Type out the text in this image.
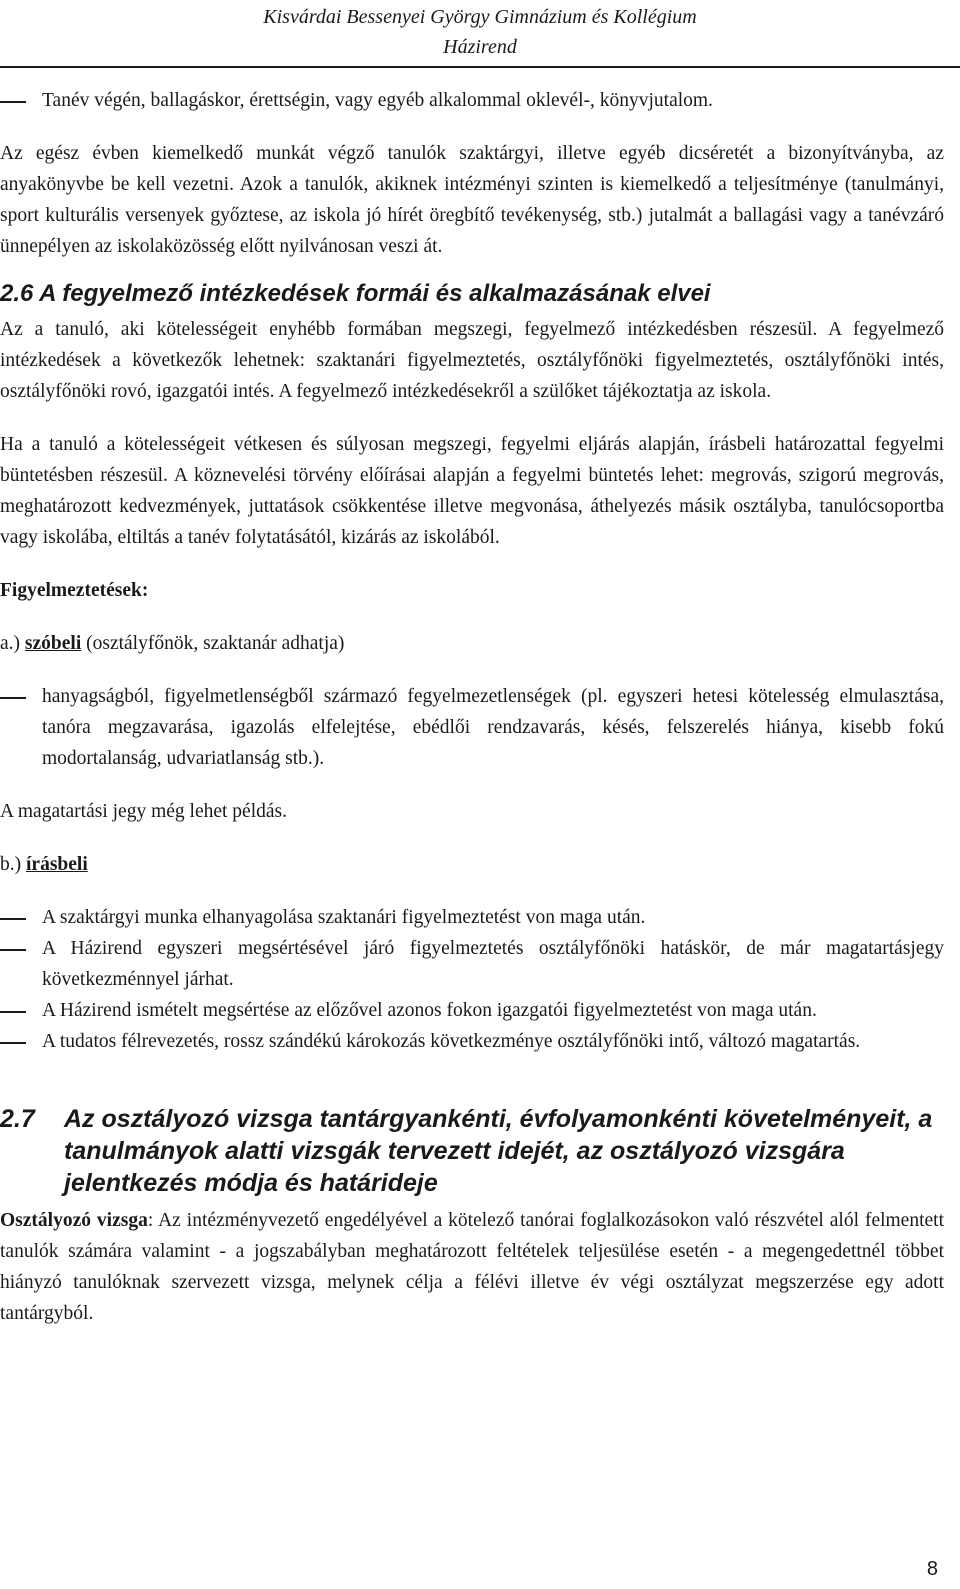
Kisvárdai Bessenyei György Gimnázium és Kollégium
Házirend
Tanév végén, ballagáskor, érettségin, vagy egyéb alkalommal oklevél-, könyvjutalom.

Az egész évben kiemelkedő munkát végző tanulók szaktárgyi, illetve egyéb dicséretét a bizonyítványba, az anyakönyvbe be kell vezetni. Azok a tanulók, akiknek intézményi szinten is kiemelkedő a teljesítménye (tanulmányi, sport kulturális versenyek győztese, az iskola jó hírét öregbítő tevékenység, stb.) jutalmát a ballagási vagy a tanévzáró ünnepélyen az iskolaközösség előtt nyilvánosan veszi át.

2.6 A fegyelmező intézkedések formái és alkalmazásának elvei

Az a tanuló, aki kötelességeit enyhébb formában megszegi, fegyelmező intézkedésben részesül. A fegyelmező intézkedések a következők lehetnek: szaktanári figyelmeztetés, osztályfőnöki figyelmeztetés, osztályfőnöki intés, osztályfőnöki rovó, igazgatói intés. A fegyelmező intézkedésekről a szülőket tájékoztatja az iskola.

Ha a tanuló a kötelességeit vétkesen és súlyosan megszegi, fegyelmi eljárás alapján, írásbeli határozattal fegyelmi büntetésben részesül. A köznevelési törvény előírásai alapján a fegyelmi büntetés lehet: megrovás, szigorú megrovás, meghatározott kedvezmények, juttatások csökkentése illetve megvonása, áthelyezés másik osztályba, tanulócsoportba vagy iskolába, eltiltás a tanév folytatásától, kizárás az iskolából.

Figyelmeztetések:

a.) szóbeli (osztályfőnök, szaktanár adhatja)

hanyagságból, figyelmetlenségből származó fegyelmezetlenségek (pl. egyszeri hetesi kötelesség elmulasztása, tanóra megzavarása, igazolás elfelejtése, ebédlői rendzavarás, késés, felszerelés hiánya, kisebb fokú modortalanság, udvariatlanság stb.).

A magatartási jegy még lehet példás.

b.) írásbeli

A szaktárgyi munka elhanyagolása szaktanári figyelmeztetést von maga után.
A Házirend egyszeri megsértésével járó figyelmeztetés osztályfőnöki hatáskör, de már magatartásjegy következménnyel járhat.
A Házirend ismételt megsértése az előzővel azonos fokon igazgatói figyelmeztetést von maga után.
A tudatos félrevezetés, rossz szándékú károkozás következménye osztályfőnöki intő, változó magatartás.
2.7 Az osztályozó vizsga tantárgyankénti, évfolyamonkénti követelményeit, a tanulmányok alatti vizsgák tervezett idejét, az osztályozó vizsgára jelentkezés módja és határideje

Osztályozó vizsga: Az intézményvezető engedélyével a kötelező tanórai foglalkozásokon való részvétel alól felmentett tanulók számára valamint - a jogszabályban meghatározott feltételek teljesülése esetén - a megengedettnél többet hiányzó tanulóknak szervezett vizsga, melynek célja a félévi illetve év végi osztályzat megszerzése egy adott tantárgyból.

8
